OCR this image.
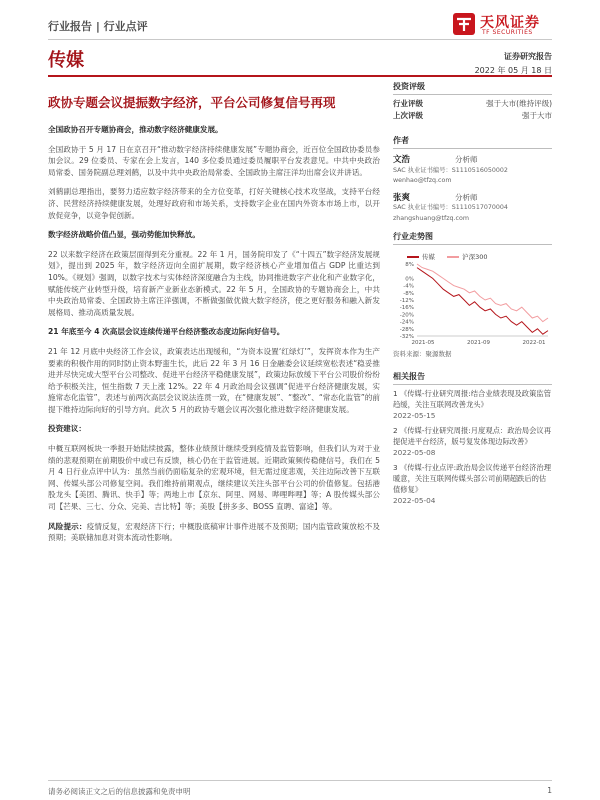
行业报告 | 行业点评	天风证券
TF SECURITIES
传媒	证券研究报告
2022 年 05 月 18 日
政协专题会议提振数字经济，平台公司修复信号再现
全国政协召开专题协商会，推动数字经济健康发展。
全国政协于 5 月 17 日在京召开“推动数字经济持续健康发展”专题协商会，近百位全国政协委员参加会议。29 位委员、专家在会上发言，140 多位委员通过委员履职平台发表意见。中共中央政治局常委、国务院副总理刘鹤，以及中共中央政治局常委、全国政协主席汪洋均出席会议并讲话。
刘鹤副总理指出，要努力适应数字经济带来的全方位变革，打好关键核心技术攻坚战，支持平台经济、民营经济持续健康发展，处理好政府和市场关系，支持数字企业在国内外资本市场上市，以开放促竞争，以竞争促创新。
数字经济战略价值凸显，强动势能加快释放。
22 以来数字经济在政策层面得到充分重视。22 年 1 月，国务院印发了《“十四五”数字经济发展规划》，提出到 2025 年，数字经济迈向全面扩展期，数字经济核心产业增加值占 GDP 比重达到 10%。《规划》强调，以数字技术与实体经济深度融合为主线，协同推进数字产业化和产业数字化，赋能传统产业转型升级，培育新产业新业态新模式。22 年 5 月，全国政协的专题协商会上，中共中央政治局常委、全国政协主席汪洋强调，不断做强做优做大数字经济，使之更好服务和融入新发展格局、推动高质量发展。
21 年底至今 4 次高层会议连续传递平台经济整改态度边际向好信号。
21 年 12 月底中央经济工作会议，政策表达出现缓和，“为资本设置‘红绿灯’”，发挥资本作为生产要素的积极作用的同时防止资本野蛮生长，此后 22 年 3 月 16 日金融委会议延续宽松表述“稳妥推进并尽快完成大型平台公司整改、促进平台经济平稳健康发展”，政策边际放缓下平台公司股价纷纷给予积极关注，恒生指数 7 天上涨 12%。22 年 4 月政治局会议强调“促进平台经济健康发展，实施常态化监管”，表述与前两次高层会议说法连贯一致，在“健康发展”、“整改”、“常态化监管”的前提下维持边际向好的引导方向。此次 5 月的政协专题会议再次强化推进数字经济健康发展。
投资建议：
中概互联网板块一季报开始陆续披露，整体业绩预计继续受到疫情及监管影响，但我们认为对于业绩的悲观预期在前期股价中或已有反馈，核心仍在于监管进展。近期政策频传稳健信号，我们在 5 月 4 日行业点评中认为：虽然当前仍面临复杂的宏观环境，但无需过度悲观，关注边际改善下互联网、传媒头部公司修复空间。我们维持前期观点，继续建议关注头部平台公司的价值修复。包括港股龙头【美团、腾讯、快手】等；两地上市【京东、阿里、网易、哔哩哔哩】等；A 股传媒头部公司【芒果、三七、分众、完美、吉比特】等；美股【拼多多、BOSS 直聘、富途】等。
风险提示：疫情反复，宏观经济下行；中概股底稿审计事件进展不及预期；国内监管政策放松不及预期；美联储加息对资本流动性影响。
投资评级
行业评级	强于大市(维持评级)
上次评级	强于大市
作者
文浩	分析师
SAC 执业证书编号：S1110516050002
wenhao@tfzq.com
张爽	分析师
SAC 执业证书编号：S1110517070004
zhangshuang@tfzq.com
行业走势图
传媒	沪深300
8%
0%
-4%
-8%
-12%
-16%
-20%
-24%
-28%
-32%
2021-05	2021-09	2022-01
资料来源：聚源数据
相关报告
1 《传媒-行业研究周报:结合业绩表现及政策监管趋缓，关注互联网改善龙头》
2022-05-15
2 《传媒-行业研究周报:月度观点：政治局会议再提促进平台经济，版号复发体现边际改善》
2022-05-08
3 《传媒-行业点评:政治局会议传递平台经济治理暖意，关注互联网传媒头部公司前期超跌后的估值修复》
2022-05-04
请务必阅读正文之后的信息披露和免责申明	1
